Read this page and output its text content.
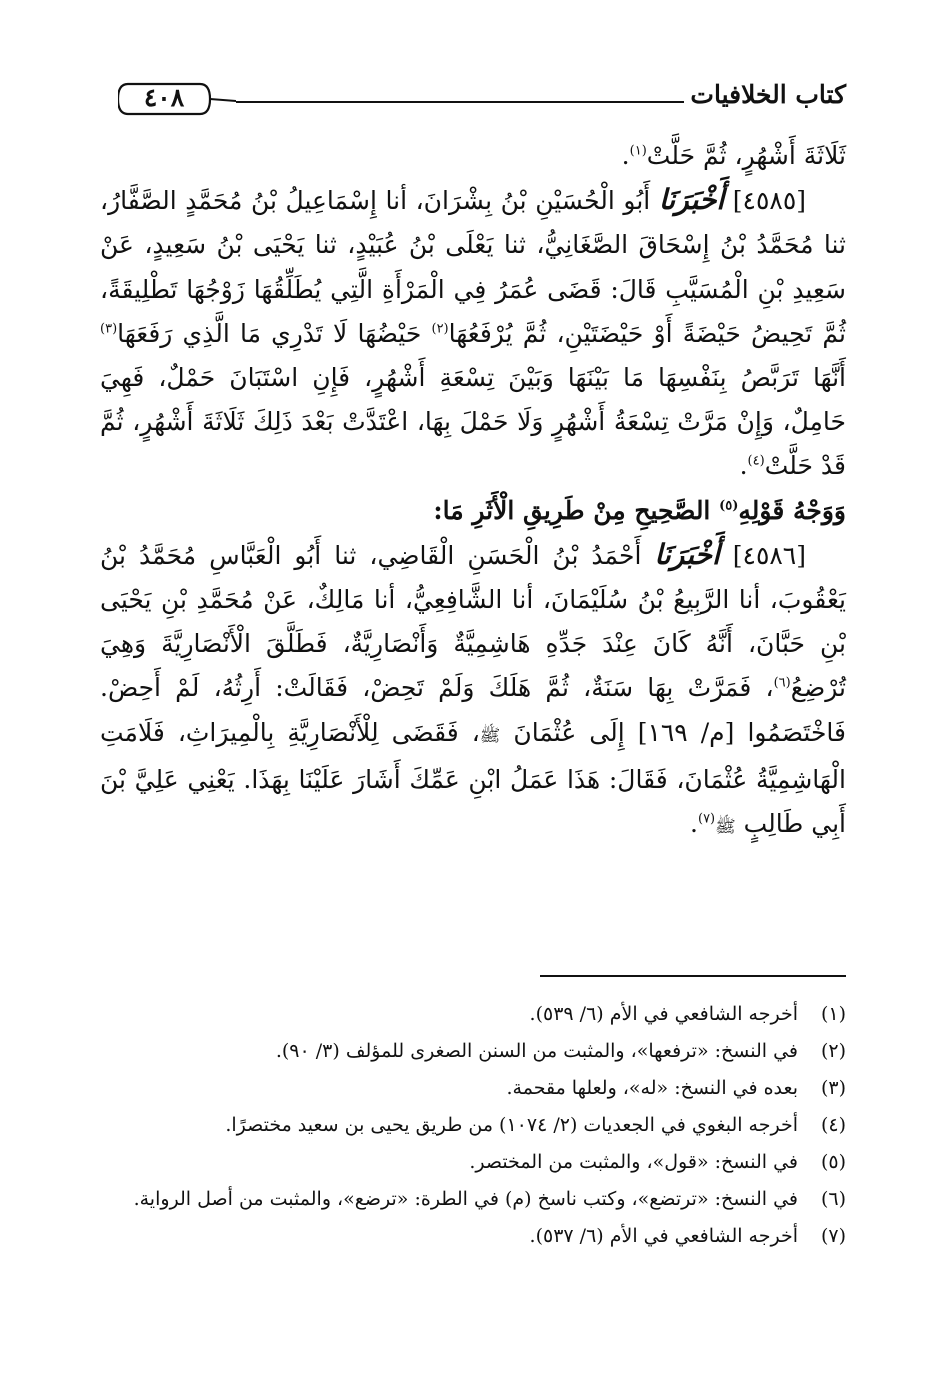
كتاب الخلافيات
٤٠٨

ثَلَاثَةَ أَشْهُرٍ، ثُمَّ حَلَّتْ$^{(١)}$.

[٤٥٨٥] أَخْبَرَنَا أَبُو الْحُسَيْنِ بْنُ بِشْرَانَ، أنا إِسْمَاعِيلُ بْنُ مُحَمَّدٍ الصَّفَّارُ، ثنا مُحَمَّدُ بْنُ إِسْحَاقَ الصَّغَانِيُّ، ثنا يَعْلَى بْنُ عُبَيْدٍ، ثنا يَحْيَى بْنُ سَعِيدٍ، عَنْ سَعِيدِ بْنِ الْمُسَيَّبِ قَالَ: قَضَى عُمَرُ فِي الْمَرْأَةِ الَّتِي يُطَلِّقُهَا زَوْجُهَا تَطْلِيقَةً، ثُمَّ تَحِيضُ حَيْضَةً أَوْ حَيْضَتَيْنِ، ثُمَّ يُرْفَعُهَا$^{(٢)}$ حَيْضُهَا لَا تَدْرِي مَا الَّذِي رَفَعَهَا$^{(٣)}$ أَنَّهَا تَرَبَّصُ بِنَفْسِهَا مَا بَيْنَهَا وَبَيْنَ تِسْعَةِ أَشْهُرٍ، فَإِنِ اسْتَبَانَ حَمْلٌ، فَهِيَ حَامِلٌ، وَإِنْ مَرَّتْ تِسْعَةُ أَشْهُرٍ وَلَا حَمْلَ بِهَا، اعْتَدَّتْ بَعْدَ ذَلِكَ ثَلَاثَةَ أَشْهُرٍ، ثُمَّ قَدْ حَلَّتْ$^{(٤)}$.

وَوَجْهُ قَوْلِهِ$^{(٥)}$ الصَّحِيحِ مِنْ طَرِيقِ الْأَثَرِ مَا:

[٤٥٨٦] أَخْبَرَنَا أَحْمَدُ بْنُ الْحَسَنِ الْقَاضِي، ثنا أَبُو الْعَبَّاسِ مُحَمَّدُ بْنُ يَعْقُوبَ، أنا الرَّبِيعُ بْنُ سُلَيْمَانَ، أنا الشَّافِعِيُّ، أنا مَالِكٌ، عَنْ مُحَمَّدِ بْنِ يَحْيَى بْنِ حَبَّانَ، أَنَّهُ كَانَ عِنْدَ جَدِّهِ هَاشِمِيَّةٌ وَأَنْصَارِيَّةٌ، فَطَلَّقَ الْأَنْصَارِيَّةَ وَهِيَ تُرْضِعُ$^{(٦)}$، فَمَرَّتْ بِهَا سَنَةٌ، ثُمَّ هَلَكَ وَلَمْ تَحِضْ، فَقَالَتْ: أَرِثُهُ، لَمْ أَحِضْ. فَاخْتَصَمُوا [م/ ١٦٩] إِلَى عُثْمَانَ ﷺ، فَقَضَى لِلْأَنْصَارِيَّةِ بِالْمِيرَاثِ، فَلَامَتِ الْهَاشِمِيَّةُ عُثْمَانَ، فَقَالَ: هَذَا عَمَلُ ابْنِ عَمِّكَ أَشَارَ عَلَيْنَا بِهَذَا. يَعْنِي عَلِيَّ بْنَ أَبِي طَالِبٍ ﷺ$^{(٧)}$.

(١)
أخرجه الشافعي في الأم (٦/ ٥٣٩).
(٢)
في النسخ: «ترفعها»، والمثبت من السنن الصغرى للمؤلف (٣/ ٩٠).
(٣)
بعده في النسخ: «له»، ولعلها مقحمة.
(٤)
أخرجه البغوي في الجعديات (٢/ ١٠٧٤) من طريق يحيى بن سعيد مختصرًا.
(٥)
في النسخ: «قول»، والمثبت من المختصر.
(٦)
في النسخ: «ترتضع»، وكتب ناسخ (م) في الطرة: «ترضع»، والمثبت من أصل الرواية.
(٧)
أخرجه الشافعي في الأم (٦/ ٥٣٧).
